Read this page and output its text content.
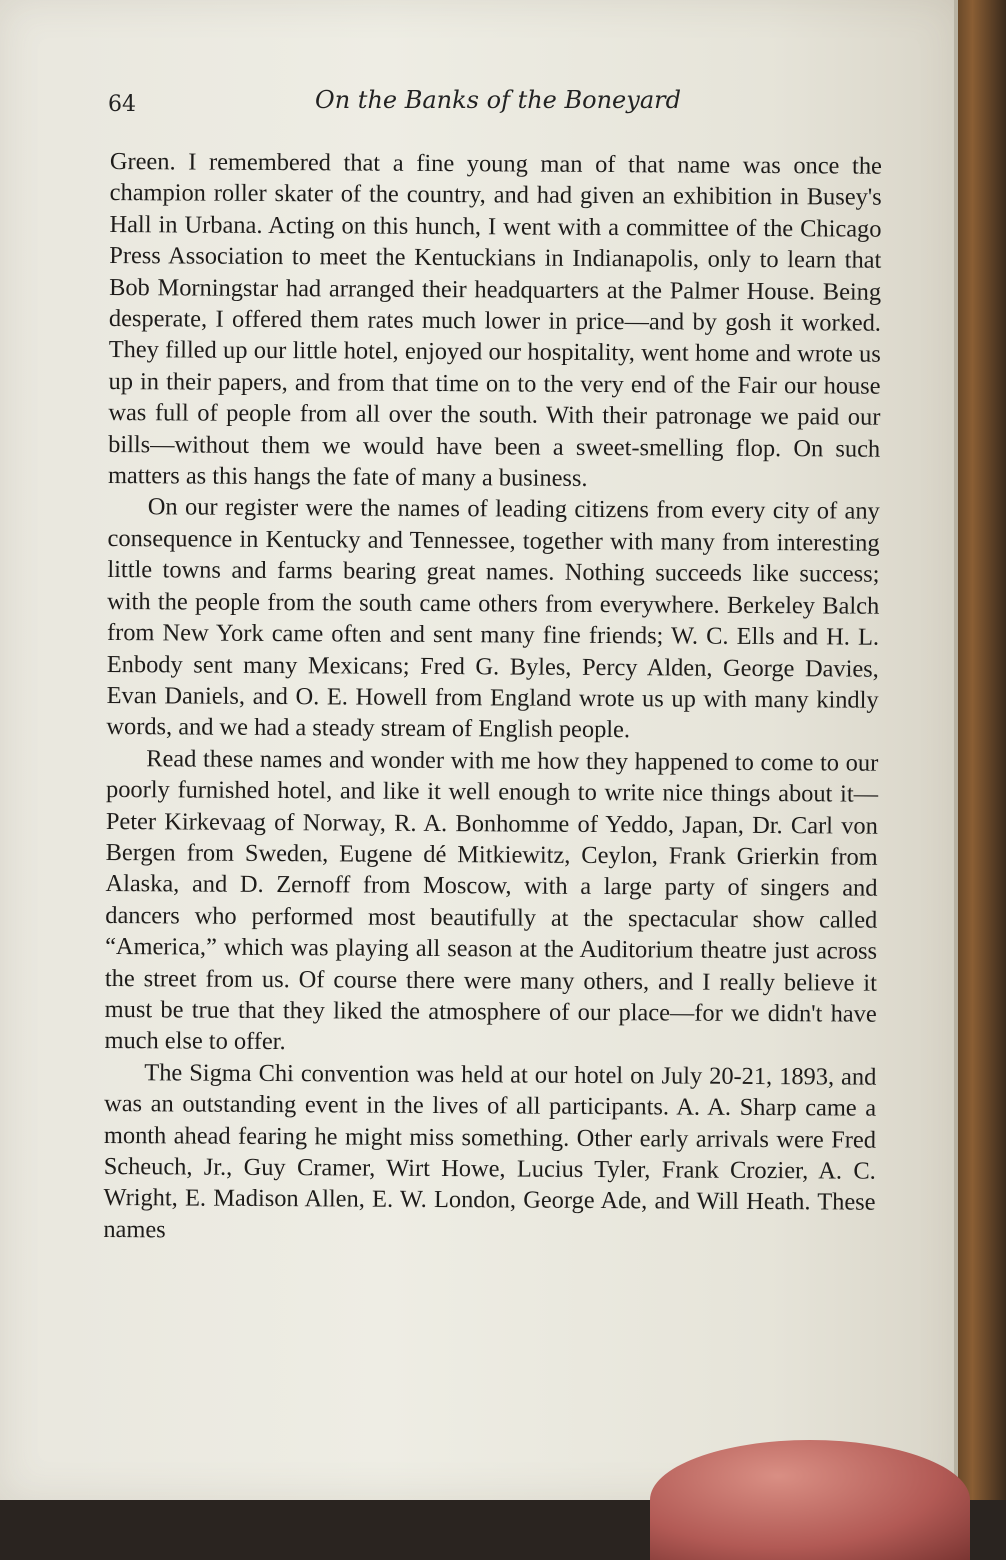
64	On the Banks of the Boneyard

Green. I remembered that a fine young man of that name was once the champion roller skater of the country, and had given an exhibition in Busey's Hall in Urbana. Acting on this hunch, I went with a committee of the Chicago Press Association to meet the Kentuckians in Indianapolis, only to learn that Bob Morningstar had arranged their headquarters at the Palmer House. Being desperate, I offered them rates much lower in price—and by gosh it worked. They filled up our little hotel, enjoyed our hospitality, went home and wrote us up in their papers, and from that time on to the very end of the Fair our house was full of people from all over the south. With their patronage we paid our bills—without them we would have been a sweet-smelling flop. On such matters as this hangs the fate of many a business.

On our register were the names of leading citizens from every city of any consequence in Kentucky and Tennessee, together with many from interesting little towns and farms bearing great names. Nothing succeeds like success; with the people from the south came others from everywhere. Berkeley Balch from New York came often and sent many fine friends; W. C. Ells and H. L. Enbody sent many Mexicans; Fred G. Byles, Percy Alden, George Davies, Evan Daniels, and O. E. Howell from England wrote us up with many kindly words, and we had a steady stream of English people.

Read these names and wonder with me how they happened to come to our poorly furnished hotel, and like it well enough to write nice things about it—Peter Kirkevaag of Norway, R. A. Bonhomme of Yeddo, Japan, Dr. Carl von Bergen from Sweden, Eugene dé Mitkiewitz, Ceylon, Frank Grierkin from Alaska, and D. Zernoff from Moscow, with a large party of singers and dancers who performed most beautifully at the spectacular show called “America,” which was playing all season at the Auditorium theatre just across the street from us. Of course there were many others, and I really believe it must be true that they liked the atmosphere of our place—for we didn't have much else to offer.

The Sigma Chi convention was held at our hotel on July 20-21, 1893, and was an outstanding event in the lives of all participants. A. A. Sharp came a month ahead fearing he might miss something. Other early arrivals were Fred Scheuch, Jr., Guy Cramer, Wirt Howe, Lucius Tyler, Frank Crozier, A. C. Wright, E. Madison Allen, E. W. London, George Ade, and Will Heath. These names
